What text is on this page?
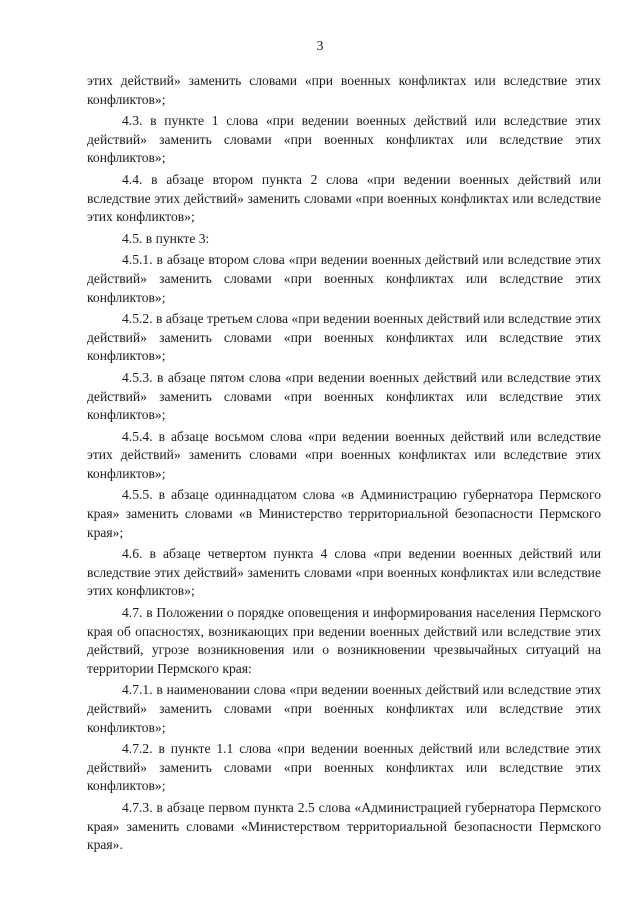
3

этих действий» заменить словами «при военных конфликтах или вследствие этих конфликтов»;

4.3. в пункте 1 слова «при ведении военных действий или вследствие этих действий» заменить словами «при военных конфликтах или вследствие этих конфликтов»;

4.4. в абзаце втором пункта 2 слова «при ведении военных действий или вследствие этих действий» заменить словами «при военных конфликтах или вследствие этих конфликтов»;

4.5. в пункте 3:

4.5.1. в абзаце втором слова «при ведении военных действий или вследствие этих действий» заменить словами «при военных конфликтах или вследствие этих конфликтов»;

4.5.2. в абзаце третьем слова «при ведении военных действий или вследствие этих действий» заменить словами «при военных конфликтах или вследствие этих конфликтов»;

4.5.3. в абзаце пятом слова «при ведении военных действий или вследствие этих действий» заменить словами «при военных конфликтах или вследствие этих конфликтов»;

4.5.4. в абзаце восьмом слова «при ведении военных действий или вследствие этих действий» заменить словами «при военных конфликтах или вследствие этих конфликтов»;

4.5.5. в абзаце одиннадцатом слова «в Администрацию губернатора Пермского края» заменить словами «в Министерство территориальной безопасности Пермского края»;

4.6. в абзаце четвертом пункта 4 слова «при ведении военных действий или вследствие этих действий» заменить словами «при военных конфликтах или вследствие этих конфликтов»;

4.7. в Положении о порядке оповещения и информирования населения Пермского края об опасностях, возникающих при ведении военных действий или вследствие этих действий, угрозе возникновения или о возникновении чрезвычайных ситуаций на территории Пермского края:

4.7.1. в наименовании слова «при ведении военных действий или вследствие этих действий» заменить словами «при военных конфликтах или вследствие этих конфликтов»;

4.7.2. в пункте 1.1 слова «при ведении военных действий или вследствие этих действий» заменить словами «при военных конфликтах или вследствие этих конфликтов»;

4.7.3. в абзаце первом пункта 2.5 слова «Администрацией губернатора Пермского края» заменить словами «Министерством территориальной безопасности Пермского края».
